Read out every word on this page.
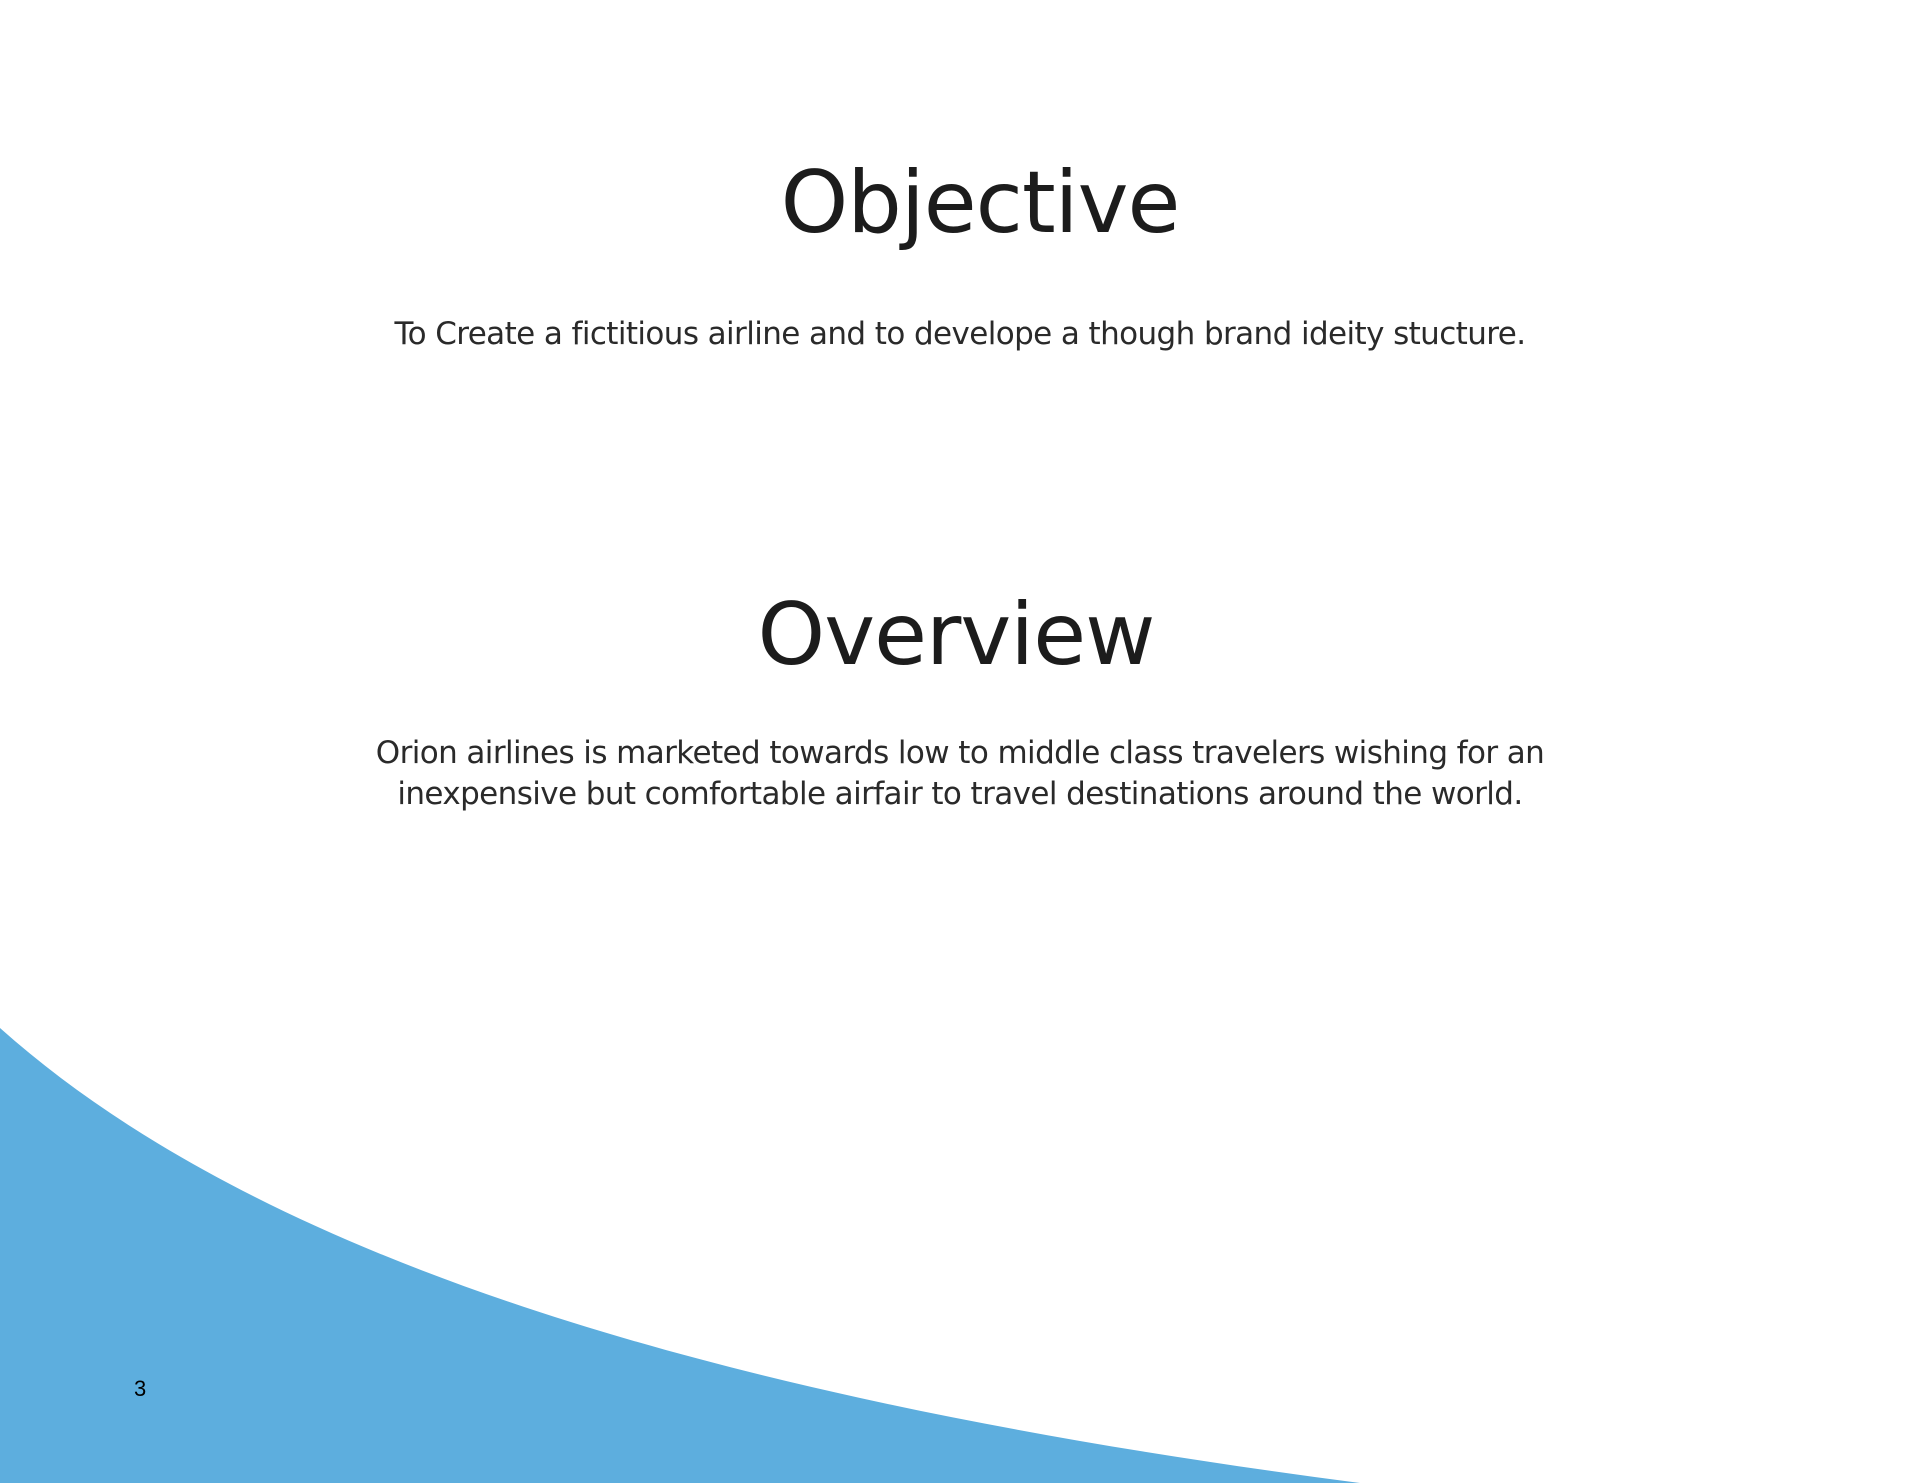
Objective

To Create a fictitious airline and to develope a though brand ideity stucture.

Overview
Orion airlines is marketed towards low to middle class travelers wishing for an
inexpensive but comfortable airfair to travel destinations around the world.
3
